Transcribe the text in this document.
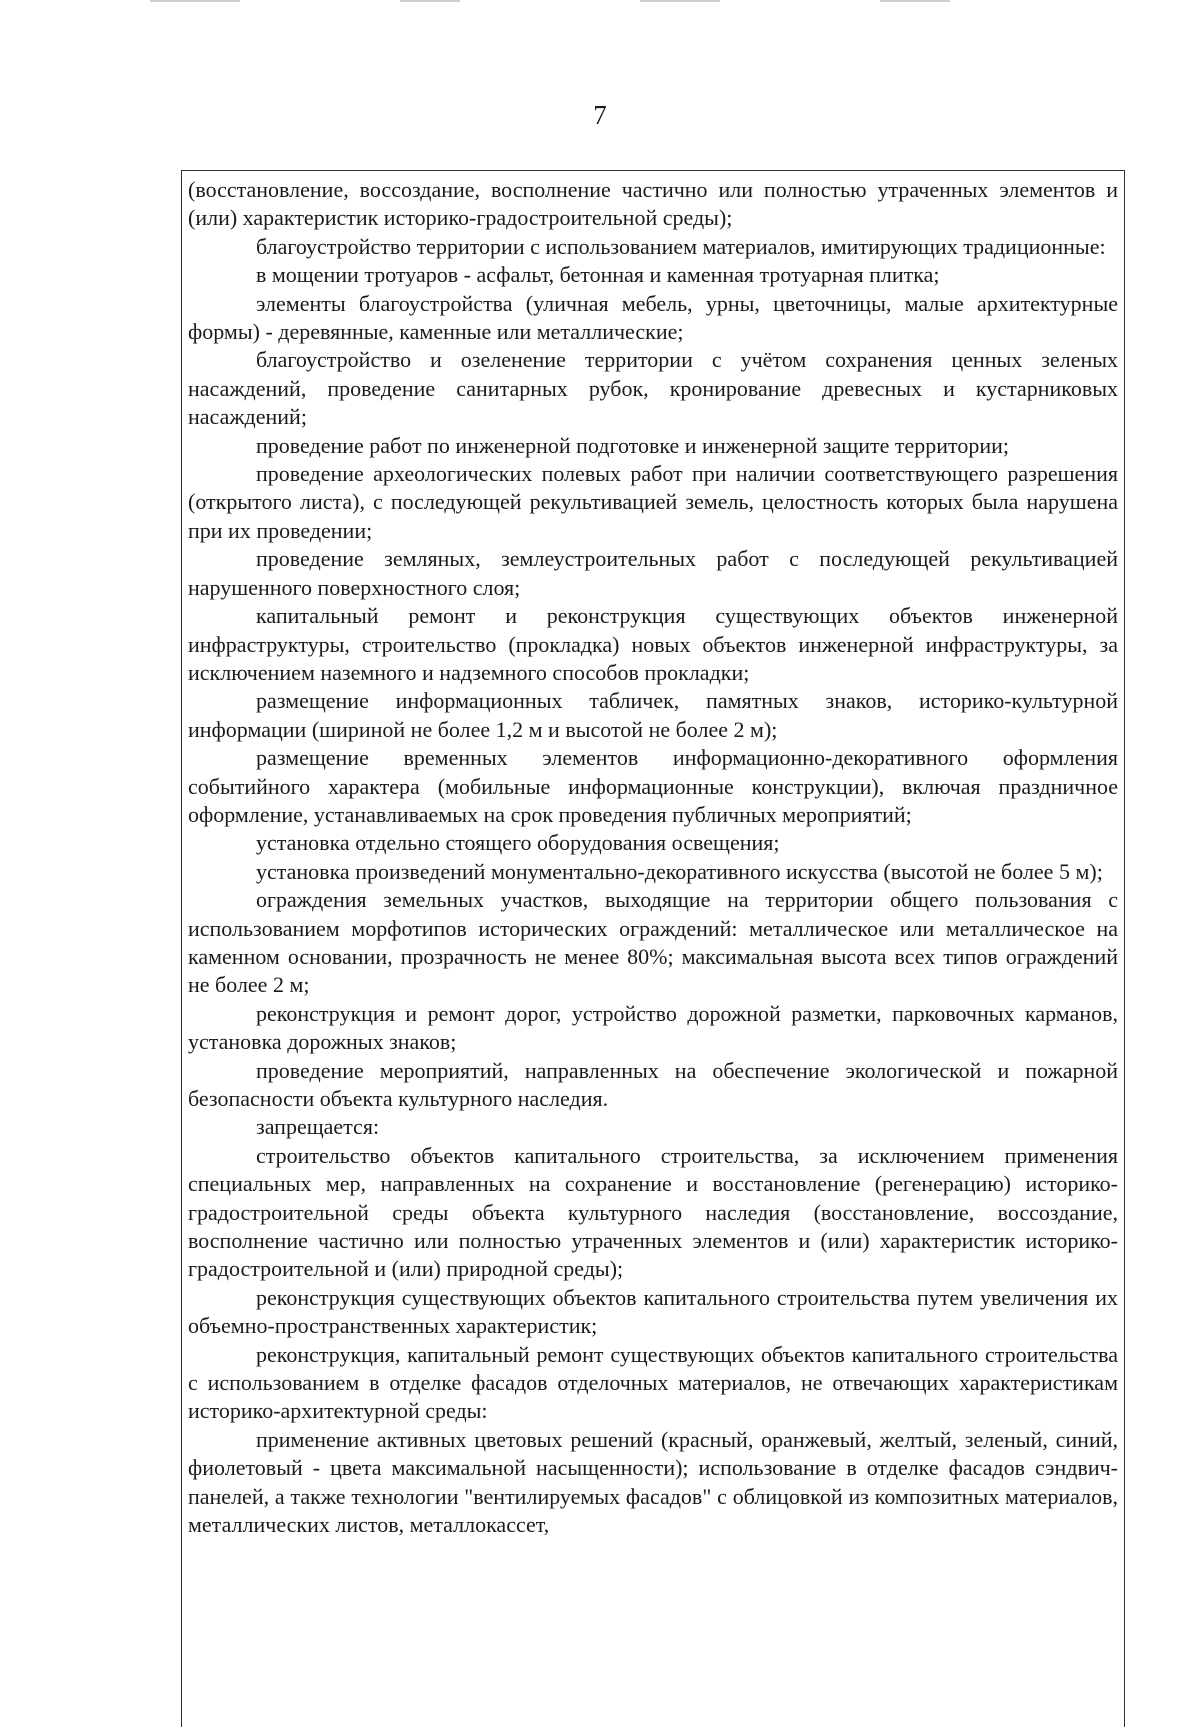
7

(восстановление, воссоздание, восполнение частично или полностью утраченных элементов и (или) характеристик историко-градостроительной среды);

благоустройство территории с использованием материалов, имитирующих традиционные:

в мощении тротуаров - асфальт, бетонная и каменная тротуарная плитка;

элементы благоустройства (уличная мебель, урны, цветочницы, малые архитектурные формы) - деревянные, каменные или металлические;

благоустройство и озеленение территории с учётом сохранения ценных зеленых насаждений, проведение санитарных рубок, кронирование древесных и кустарниковых насаждений;

проведение работ по инженерной подготовке и инженерной защите территории;

проведение археологических полевых работ при наличии соответствующего разрешения (открытого листа), с последующей рекультивацией земель, целостность которых была нарушена при их проведении;

проведение земляных, землеустроительных работ с последующей рекультивацией нарушенного поверхностного слоя;

капитальный ремонт и реконструкция существующих объектов инженерной инфраструктуры, строительство (прокладка) новых объектов инженерной инфраструктуры, за исключением наземного и надземного способов прокладки;

размещение информационных табличек, памятных знаков, историко-культурной информации (шириной не более 1,2 м и высотой не более 2 м);

размещение временных элементов информационно-декоративного оформления событийного характера (мобильные информационные конструкции), включая праздничное оформление, устанавливаемых на срок проведения публичных мероприятий;

установка отдельно стоящего оборудования освещения;

установка произведений монументально-декоративного искусства (высотой не более 5 м);

ограждения земельных участков, выходящие на территории общего пользования с использованием морфотипов исторических ограждений: металлическое или металлическое на каменном основании, прозрачность не менее 80%; максимальная высота всех типов ограждений не более 2 м;

реконструкция и ремонт дорог, устройство дорожной разметки, парковочных карманов, установка дорожных знаков;

проведение мероприятий, направленных на обеспечение экологической и пожарной безопасности объекта культурного наследия.

запрещается:

строительство объектов капитального строительства, за исключением применения специальных мер, направленных на сохранение и восстановление (регенерацию) историко-градостроительной среды объекта культурного наследия (восстановление, воссоздание, восполнение частично или полностью утраченных элементов и (или) характеристик историко-градостроительной и (или) природной среды);

реконструкция существующих объектов капитального строительства путем увеличения их объемно-пространственных характеристик;

реконструкция, капитальный ремонт существующих объектов капитального строительства с использованием в отделке фасадов отделочных материалов, не отвечающих характеристикам историко-архитектурной среды:

применение активных цветовых решений (красный, оранжевый, желтый, зеленый, синий, фиолетовый - цвета максимальной насыщенности); использование в отделке фасадов сэндвич-панелей, а также технологии "вентилируемых фасадов" с облицовкой из композитных материалов, металлических листов, металлокассет,
